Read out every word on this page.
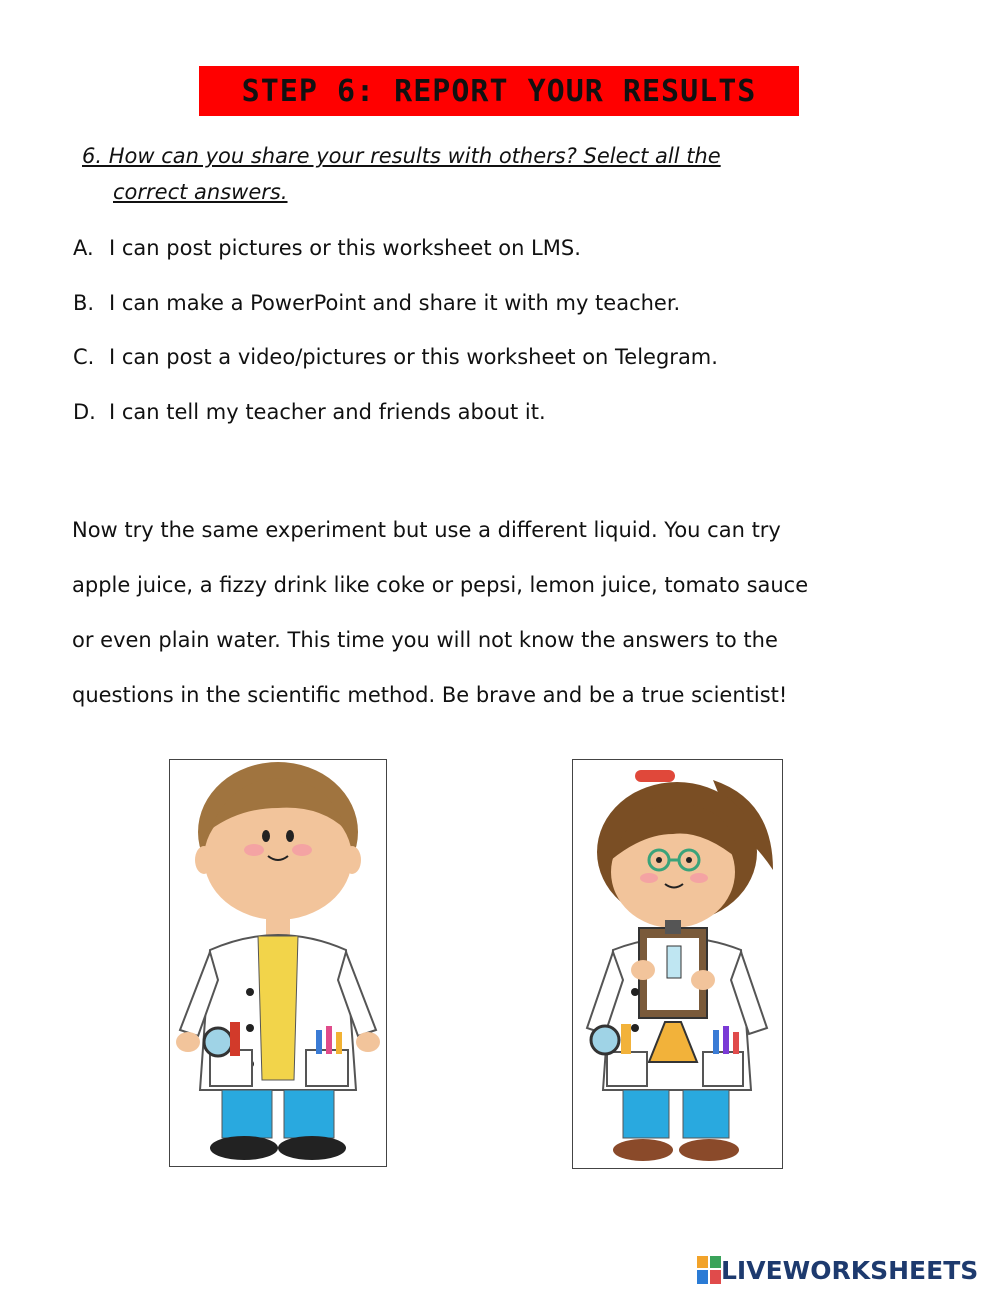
STEP 6: REPORT YOUR RESULTS
6. How can you share your results with others? Select all the
correct answers.
A. I can post pictures or this worksheet on LMS.
B. I can make a PowerPoint and share it with my teacher.
C. I can post a video/pictures or this worksheet on Telegram.
D. I can tell my teacher and friends about it.
Now try the same experiment but use a different liquid. You can try
apple juice, a fizzy drink like coke or pepsi, lemon juice, tomato sauce
or even plain water. This time you will not know the answers to the
questions in the scientific method. Be brave and be a true scientist!
LIVEWORKSHEETS
